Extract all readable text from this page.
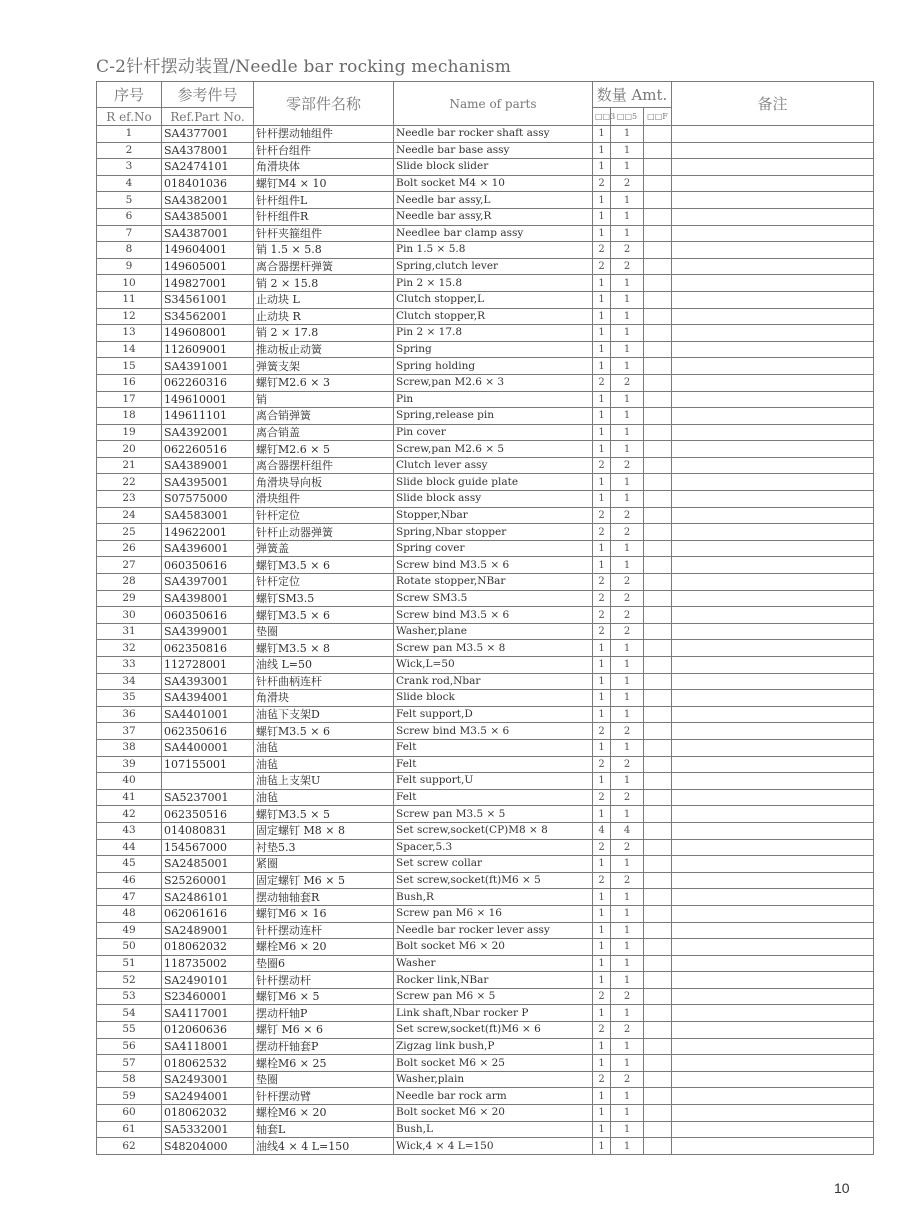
C-2针杆摆动装置/Needle bar rocking mechanism
序号	参考件号	零部件名称	Name of parts	数量 Amt.			备注
R ef.No	Ref.Part No.			□□3	□□5	□□F	
1	SA4377001	针杆摆动轴组件	Needle bar rocker shaft assy	1	1		
2	SA4378001	针杆台组件	Needle bar base assy	1	1		
3	SA2474101	角滑块体	Slide block slider	1	1		
4	018401036	螺钉M4 × 10	Bolt socket M4 × 10	2	2		
5	SA4382001	针杆组件L	Needle bar assy,L	1	1		
6	SA4385001	针杆组件R	Needle bar assy,R	1	1		
7	SA4387001	针杆夹箍组件	Needlee bar clamp assy	1	1		
8	149604001	销 1.5 × 5.8	Pin 1.5 × 5.8	2	2		
9	149605001	离合器摆杆弹簧	Spring,clutch lever	2	2		
10	149827001	销 2 × 15.8	Pin 2 × 15.8	1	1		
11	S34561001	止动块 L	Clutch stopper,L	1	1		
12	S34562001	止动块 R	Clutch stopper,R	1	1		
13	149608001	销 2 × 17.8	Pin 2 × 17.8	1	1		
14	112609001	推动板止动簧	Spring	1	1		
15	SA4391001	弹簧支架	Spring holding	1	1		
16	062260316	螺钉M2.6 × 3	Screw,pan M2.6 × 3	2	2		
17	149610001	销	Pin	1	1		
18	149611101	离合销弹簧	Spring,release pin	1	1		
19	SA4392001	离合销盖	Pin cover	1	1		
20	062260516	螺钉M2.6 × 5	Screw,pan M2.6 × 5	1	1		
21	SA4389001	离合器摆杆组件	Clutch lever assy	2	2		
22	SA4395001	角滑块导向板	Slide block guide plate	1	1		
23	S07575000	滑块组件	Slide block assy	1	1		
24	SA4583001	针杆定位	Stopper,Nbar	2	2		
25	149622001	针杆止动器弹簧	Spring,Nbar stopper	2	2		
26	SA4396001	弹簧盖	Spring cover	1	1		
27	060350616	螺钉M3.5 × 6	Screw bind M3.5 × 6	1	1		
28	SA4397001	针杆定位	Rotate stopper,NBar	2	2		
29	SA4398001	螺钉SM3.5	Screw SM3.5	2	2		
30	060350616	螺钉M3.5 × 6	Screw bind M3.5 × 6	2	2		
31	SA4399001	垫圈	Washer,plane	2	2		
32	062350816	螺钉M3.5 × 8	Screw pan M3.5 × 8	1	1		
33	112728001	油线 L=50	Wick,L=50	1	1		
34	SA4393001	针杆曲柄连杆	Crank rod,Nbar	1	1		
35	SA4394001	角滑块	Slide block	1	1		
36	SA4401001	油毡下支架D	Felt support,D	1	1		
37	062350616	螺钉M3.5 × 6	Screw bind M3.5 × 6	2	2		
38	SA4400001	油毡	Felt	1	1		
39	107155001	油毡	Felt	2	2		
40		油毡上支架U	Felt support,U	1	1		
41	SA5237001	油毡	Felt	2	2		
42	062350516	螺钉M3.5 × 5	Screw pan M3.5 × 5	1	1		
43	014080831	固定螺钉 M8 × 8	Set screw,socket(CP)M8 × 8	4	4		
44	154567000	衬垫5.3	Spacer,5.3	2	2		
45	SA2485001	紧圈	Set screw collar	1	1		
46	S25260001	固定螺钉 M6 × 5	Set screw,socket(ft)M6 × 5	2	2		
47	SA2486101	摆动轴轴套R	Bush,R	1	1		
48	062061616	螺钉M6 × 16	Screw pan M6 × 16	1	1		
49	SA2489001	针杆摆动连杆	Needle bar rocker lever assy	1	1		
50	018062032	螺栓M6 × 20	Bolt socket M6 × 20	1	1		
51	118735002	垫圈6	Washer	1	1		
52	SA2490101	针杆摆动杆	Rocker link,NBar	1	1		
53	S23460001	螺钉M6 × 5	Screw pan M6 × 5	2	2		
54	SA4117001	摆动杆轴P	Link shaft,Nbar rocker P	1	1		
55	012060636	螺钉 M6 × 6	Set screw,socket(ft)M6 × 6	2	2		
56	SA4118001	摆动杆轴套P	Zigzag link bush,P	1	1		
57	018062532	螺栓M6 × 25	Bolt socket M6 × 25	1	1		
58	SA2493001	垫圈	Washer,plain	2	2		
59	SA2494001	针杆摆动臂	Needle bar rock arm	1	1		
60	018062032	螺栓M6 × 20	Bolt socket M6 × 20	1	1		
61	SA5332001	轴套L	Bush,L	1	1		
62	S48204000	油线4 × 4 L=150	Wick,4 × 4 L=150	1	1		
10
